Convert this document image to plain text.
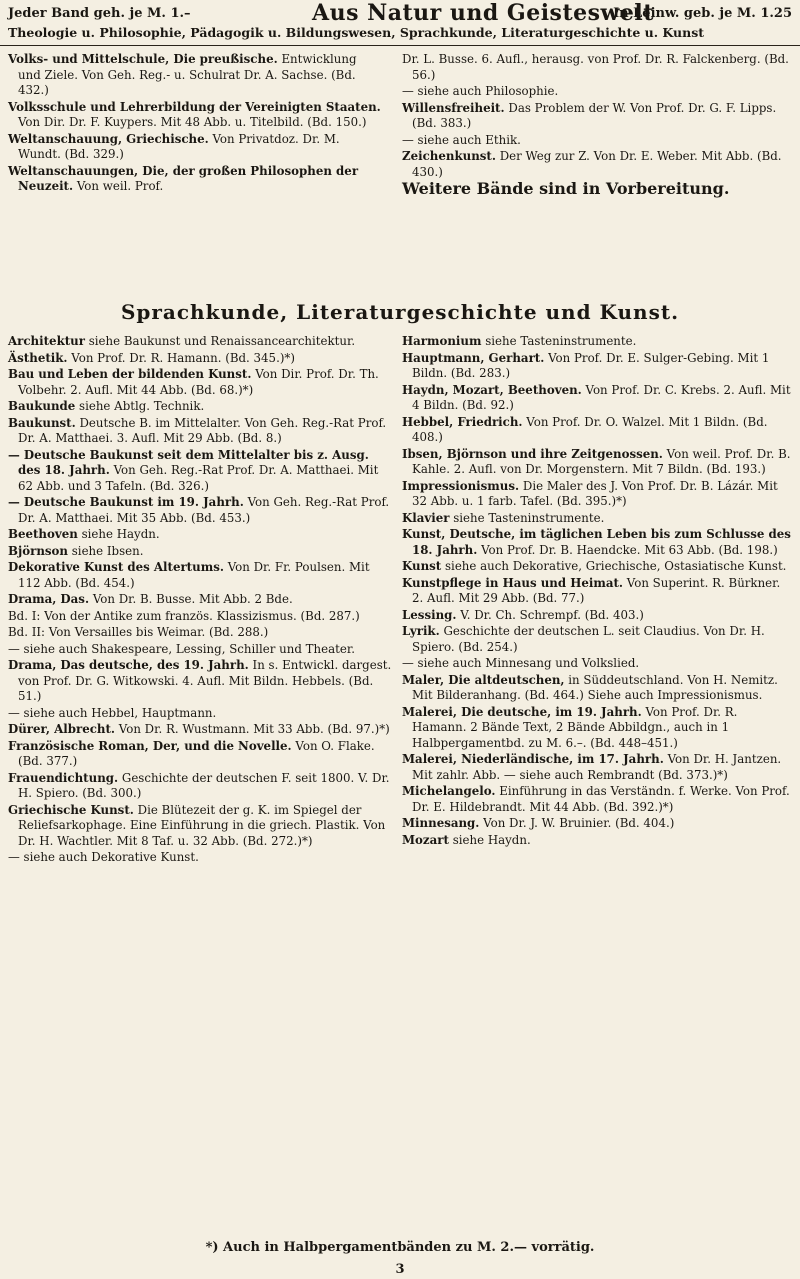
Jeder Band geh. je M. 1.–	Aus Natur und Geisteswelt
In Leinw. geb. je M. 1.25
Theologie u. Philosophie, Pädagogik u. Bildungswesen, Sprachkunde, Literaturgeschichte u. Kunst

Volks- und Mittelschule, Die preußische. Entwicklung und Ziele. Von Geh. Reg.- u. Schulrat Dr. A. Sachse. (Bd. 432.)

Volksschule und Lehrerbildung der Vereinigten Staaten. Von Dir. Dr. F. Kuypers. Mit 48 Abb. u. Titelbild. (Bd. 150.)

Weltanschauung, Griechische. Von Privatdoz. Dr. M. Wundt. (Bd. 329.)

Weltanschauungen, Die, der großen Philosophen der Neuzeit. Von weil. Prof.

Dr. L. Busse. 6. Aufl., herausg. von Prof. Dr. R. Falckenberg. (Bd. 56.)

— siehe auch Philosophie.

Willensfreiheit. Das Problem der W. Von Prof. Dr. G. F. Lipps. (Bd. 383.)

— siehe auch Ethik.

Zeichenkunst. Der Weg zur Z. Von Dr. E. Weber. Mit Abb. (Bd. 430.)

Weitere Bände sind in Vorbereitung.

Sprachkunde, Literaturgeschichte und Kunst.

Architektur siehe Baukunst und Renaissancearchitektur.

Ästhetik. Von Prof. Dr. R. Hamann. (Bd. 345.)*)

Bau und Leben der bildenden Kunst. Von Dir. Prof. Dr. Th. Volbehr. 2. Aufl. Mit 44 Abb. (Bd. 68.)*)

Baukunde siehe Abtlg. Technik.

Baukunst. Deutsche B. im Mittelalter. Von Geh. Reg.-Rat Prof. Dr. A. Matthaei. 3. Aufl. Mit 29 Abb. (Bd. 8.)

— Deutsche Baukunst seit dem Mittelalter bis z. Ausg. des 18. Jahrh. Von Geh. Reg.-Rat Prof. Dr. A. Matthaei. Mit 62 Abb. und 3 Tafeln. (Bd. 326.)

— Deutsche Baukunst im 19. Jahrh. Von Geh. Reg.-Rat Prof. Dr. A. Matthaei. Mit 35 Abb. (Bd. 453.)

Beethoven siehe Haydn.

Björnson siehe Ibsen.

Dekorative Kunst des Altertums. Von Dr. Fr. Poulsen. Mit 112 Abb. (Bd. 454.)

Drama, Das. Von Dr. B. Busse. Mit Abb. 2 Bde.

Bd. I: Von der Antike zum französ. Klassizismus. (Bd. 287.)

Bd. II: Von Versailles bis Weimar. (Bd. 288.)

— siehe auch Shakespeare, Lessing, Schiller und Theater.

Drama, Das deutsche, des 19. Jahrh. In s. Entwickl. dargest. von Prof. Dr. G. Witkowski. 4. Aufl. Mit Bildn. Hebbels. (Bd. 51.)

— siehe auch Hebbel, Hauptmann.

Dürer, Albrecht. Von Dr. R. Wustmann. Mit 33 Abb. (Bd. 97.)*)

Französische Roman, Der, und die Novelle. Von O. Flake. (Bd. 377.)

Frauendichtung. Geschichte der deutschen F. seit 1800. V. Dr. H. Spiero. (Bd. 300.)

Griechische Kunst. Die Blütezeit der g. K. im Spiegel der Reliefsarkophage. Eine Einführung in die griech. Plastik. Von Dr. H. Wachtler. Mit 8 Taf. u. 32 Abb. (Bd. 272.)*)

— siehe auch Dekorative Kunst.

Harmonium siehe Tasteninstrumente.

Hauptmann, Gerhart. Von Prof. Dr. E. Sulger-Gebing. Mit 1 Bildn. (Bd. 283.)

Haydn, Mozart, Beethoven. Von Prof. Dr. C. Krebs. 2. Aufl. Mit 4 Bildn. (Bd. 92.)

Hebbel, Friedrich. Von Prof. Dr. O. Walzel. Mit 1 Bildn. (Bd. 408.)

Ibsen, Björnson und ihre Zeitgenossen. Von weil. Prof. Dr. B. Kahle. 2. Aufl. von Dr. Morgenstern. Mit 7 Bildn. (Bd. 193.)

Impressionismus. Die Maler des J. Von Prof. Dr. B. Lázár. Mit 32 Abb. u. 1 farb. Tafel. (Bd. 395.)*)

Klavier siehe Tasteninstrumente.

Kunst, Deutsche, im täglichen Leben bis zum Schlusse des 18. Jahrh. Von Prof. Dr. B. Haendcke. Mit 63 Abb. (Bd. 198.)

Kunst siehe auch Dekorative, Griechische, Ostasiatische Kunst.

Kunstpflege in Haus und Heimat. Von Superint. R. Bürkner. 2. Aufl. Mit 29 Abb. (Bd. 77.)

Lessing. V. Dr. Ch. Schrempf. (Bd. 403.)

Lyrik. Geschichte der deutschen L. seit Claudius. Von Dr. H. Spiero. (Bd. 254.)

— siehe auch Minnesang und Volkslied.

Maler, Die altdeutschen, in Süddeutschland. Von H. Nemitz. Mit Bilderanhang. (Bd. 464.) Siehe auch Impressionismus.

Malerei, Die deutsche, im 19. Jahrh. Von Prof. Dr. R. Hamann. 2 Bände Text, 2 Bände Abbildgn., auch in 1 Halbpergamentbd. zu M. 6.–. (Bd. 448–451.)

Malerei, Niederländische, im 17. Jahrh. Von Dr. H. Jantzen. Mit zahlr. Abb. — siehe auch Rembrandt (Bd. 373.)*)

Michelangelo. Einführung in das Verständn. f. Werke. Von Prof. Dr. E. Hildebrandt. Mit 44 Abb. (Bd. 392.)*)

Minnesang. Von Dr. J. W. Bruinier. (Bd. 404.)

Mozart siehe Haydn.

*) Auch in Halbpergamentbänden zu M. 2.— vorrätig.
3
